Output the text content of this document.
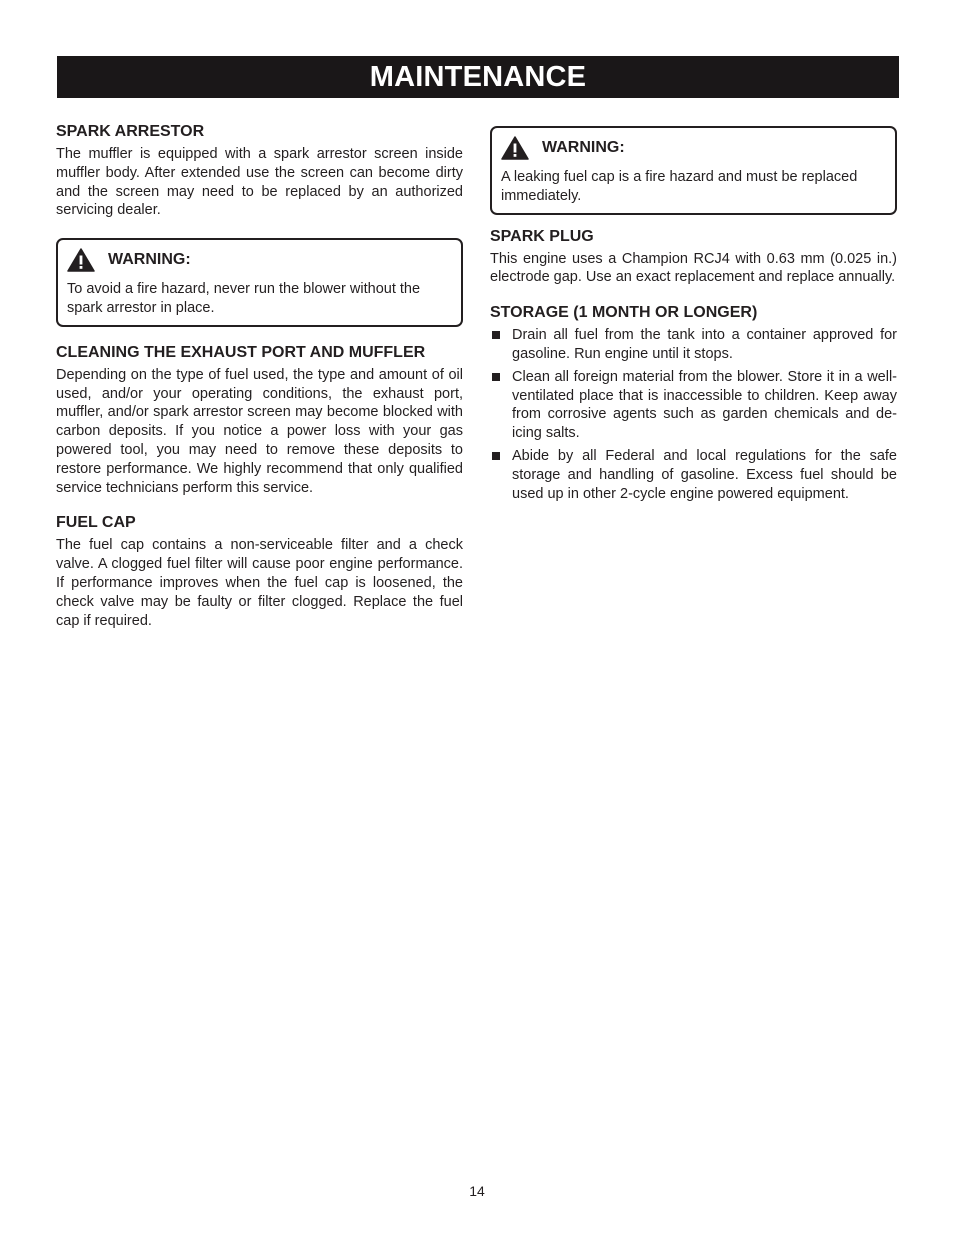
MAINTENANCE
SPARK ARRESTOR

The muffler is equipped with a spark arrestor screen inside muffler body. After extended use the screen can become dirty and the screen may need to be replaced by an authorized servicing dealer.

WARNING:

To avoid a fire hazard, never run the blower without the spark arrestor in place.

CLEANING THE EXHAUST PORT AND MUFFLER

Depending on the type of fuel used, the type and amount of oil used, and/or your operating conditions, the exhaust port, muffler, and/or spark arrestor screen may become blocked with carbon deposits. If you notice a power loss with your gas powered tool, you may need to remove these deposits to restore performance. We highly recommend that only qualified service technicians perform this service.

FUEL CAP

The fuel cap contains a non-serviceable filter and a check valve. A clogged fuel filter will cause poor engine performance. If performance improves when the fuel cap is loosened, the check valve may be faulty or filter clogged. Replace the fuel cap if required.

WARNING:

A leaking fuel cap is a fire hazard and must be replaced immediately.

SPARK PLUG

This engine uses a Champion RCJ4 with 0.63 mm (0.025 in.) electrode gap. Use an exact replacement and replace annually.

STORAGE (1 MONTH OR LONGER)
Drain all fuel from the tank into a container approved for gasoline. Run engine until it stops.
Clean all foreign material from the blower. Store it in a well-ventilated place that is inaccessible to children. Keep away from corrosive agents such as garden chemicals and de-icing salts.
Abide by all Federal and local regulations for the safe storage and handling of gasoline. Excess fuel should be used up in other 2-cycle engine powered equipment.
14
